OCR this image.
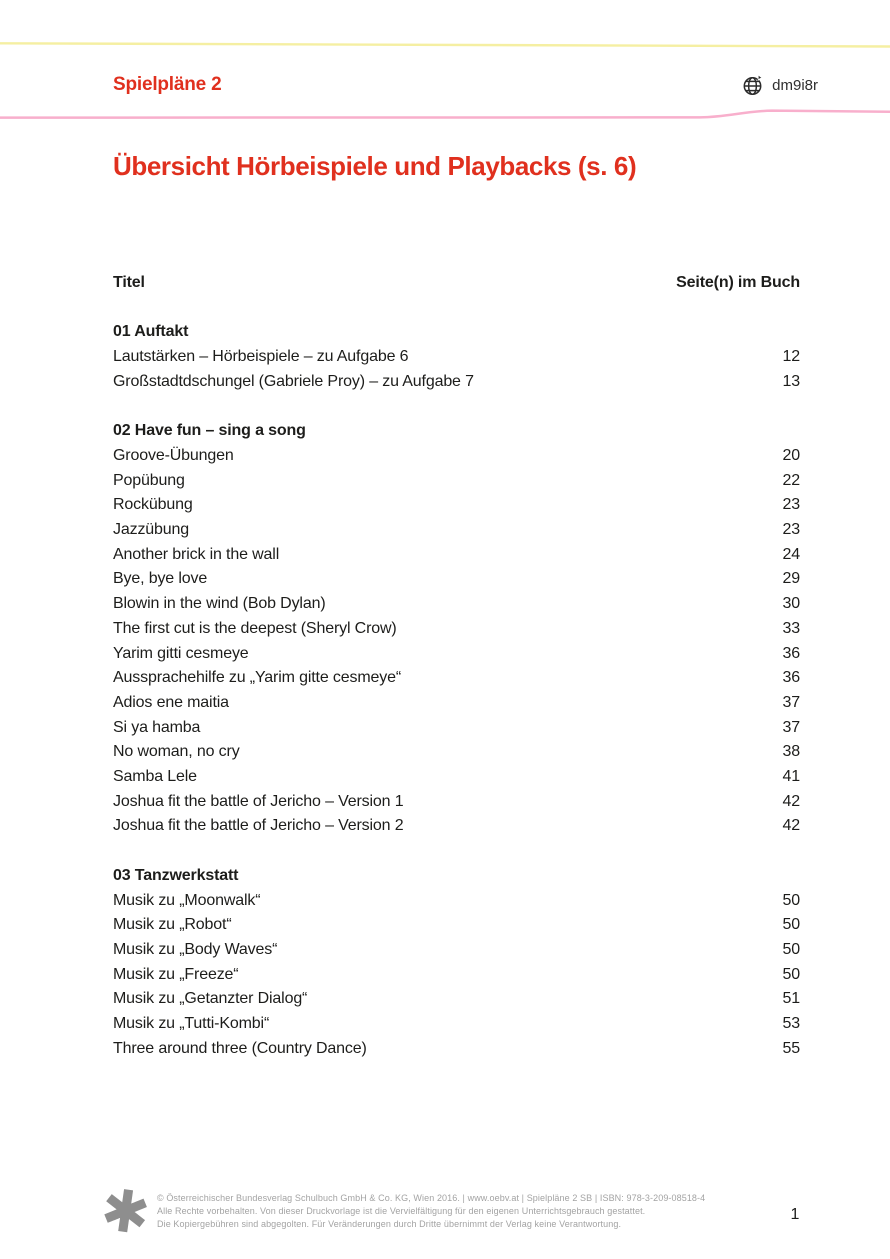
Spielpläne 2	dm9i8r
Übersicht Hörbeispiele und Playbacks (s. 6)
Titel	Seite(n) im Buch
01 Auftakt
Lautstärken – Hörbeispiele – zu Aufgabe 6	12
Großstadtdschungel (Gabriele Proy) – zu Aufgabe 7	13
02 Have fun – sing a song
Groove-Übungen	20
Popübung	22
Rockübung	23
Jazzübung	23
Another brick in the wall	24
Bye, bye love	29
Blowin in the wind (Bob Dylan)	30
The first cut is the deepest (Sheryl Crow)	33
Yarim gitti cesmeye	36
Aussprachehilfe zu „Yarim gitte cesmeye“	36
Adios ene maitia	37
Si ya hamba	37
No woman, no cry	38
Samba Lele	41
Joshua fit the battle of Jericho – Version 1	42
Joshua fit the battle of Jericho – Version 2	42
03 Tanzwerkstatt
Musik zu „Moonwalk“	50
Musik zu „Robot“	50
Musik zu „Body Waves“	50
Musik zu „Freeze“	50
Musik zu „Getanzter Dialog“	51
Musik zu „Tutti-Kombi“	53
Three around three (Country Dance)	55
✱ © Österreichischer Bundesverlag Schulbuch GmbH & Co. KG, Wien 2016. | www.oebv.at | Spielpläne 2 SB | ISBN: 978-3-209-08518-4
Alle Rechte vorbehalten. Von dieser Druckvorlage ist die Vervielfältigung für den eigenen Unterrichtsgebrauch gestattet.
Die Kopiergebühren sind abgegolten. Für Veränderungen durch Dritte übernimmt der Verlag keine Verantwortung.
1
